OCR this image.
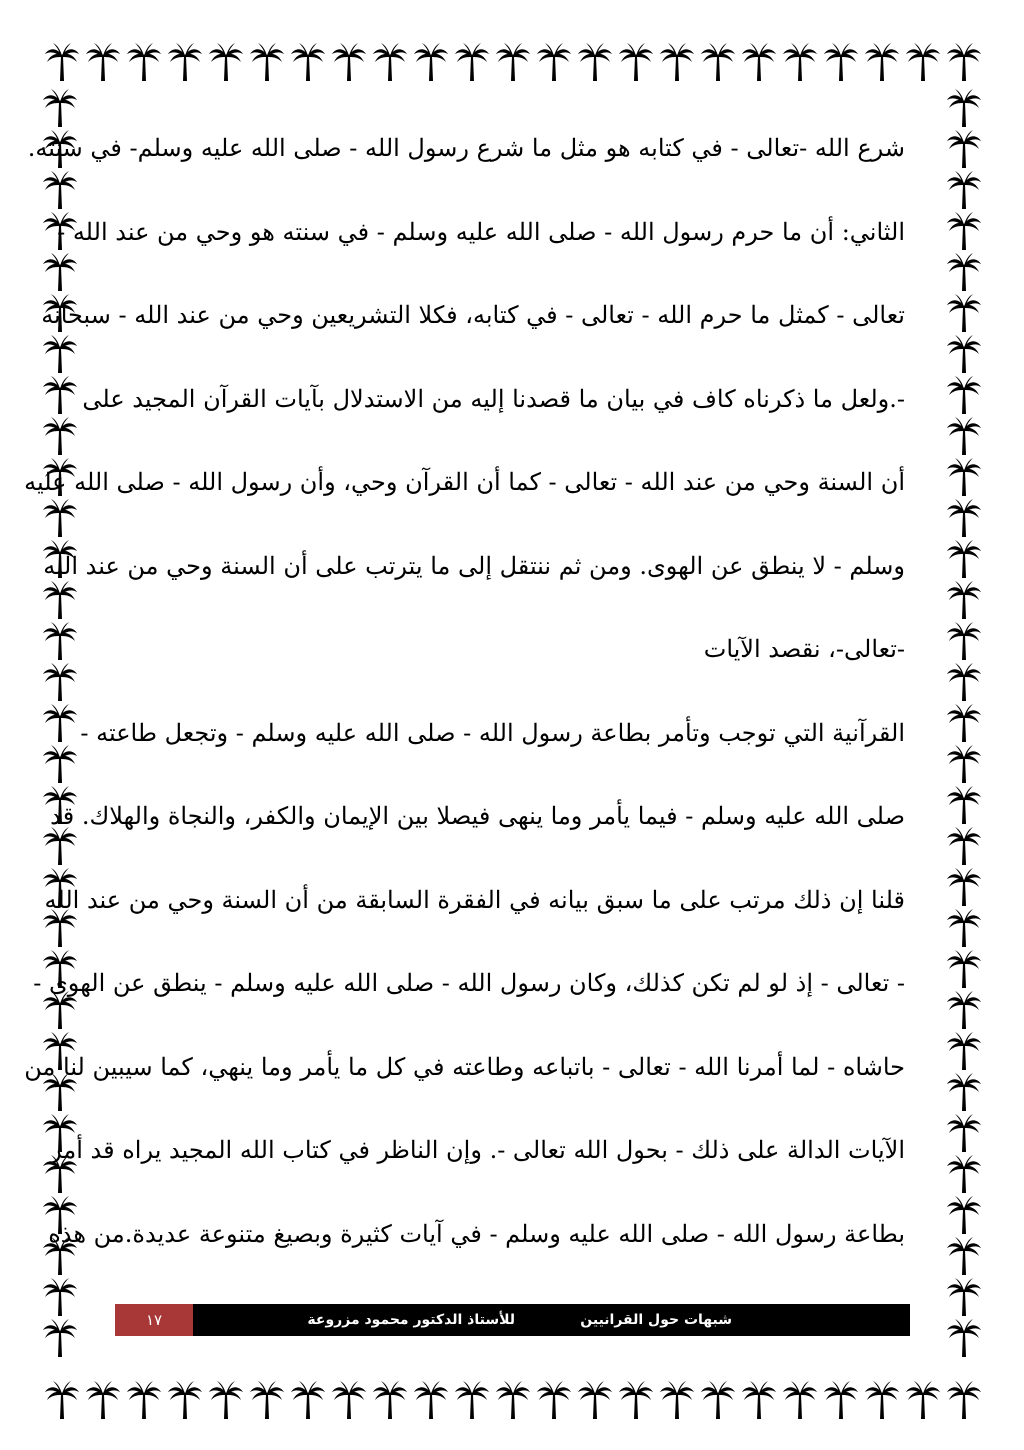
شرع الله -تعالى - في كتابه هو مثل ما شرع رسول الله - صلى الله عليه وسلم- في سنته.
الثاني: أن ما حرم رسول الله - صلى الله عليه وسلم - في سنته هو وحي من عند الله -
تعالى - كمثل ما حرم الله - تعالى - في كتابه، فكلا التشريعين وحي من عند الله - سبحانه
-.ولعل ما ذكرناه كاف في بيان ما قصدنا إليه من الاستدلال بآيات القرآن المجيد على
أن السنة وحي من عند الله - تعالى - كما أن القرآن وحي، وأن رسول الله - صلى الله عليه
وسلم - لا ينطق عن الهوى. ومن ثم ننتقل إلى ما يترتب على أن السنة وحي من عند الله
-تعالى-، نقصد الآيات
القرآنية التي توجب وتأمر بطاعة رسول الله - صلى الله عليه وسلم - وتجعل طاعته -
صلى الله عليه وسلم - فيما يأمر وما ينهى فيصلا بين الإيمان والكفر، والنجاة والهلاك. قد
قلنا إن ذلك مرتب على ما سبق بيانه في الفقرة السابقة من أن السنة وحي من عند الله
- تعالى - إذ لو لم تكن كذلك، وكان رسول الله - صلى الله عليه وسلم - ينطق عن الهوى -
حاشاه - لما أمرنا الله - تعالى - باتباعه وطاعته في كل ما يأمر وما ينهي، كما سيبين لنا من
الآيات الدالة على ذلك - بحول الله تعالى -. وإن الناظر في كتاب الله المجيد يراه قد أمر
بطاعة رسول الله - صلى الله عليه وسلم - في آيات كثيرة وبصيغ متنوعة عديدة.من هذه
١٧	للأستاذ الدكتور محمود مزروعة	شبهات حول القرانيين
